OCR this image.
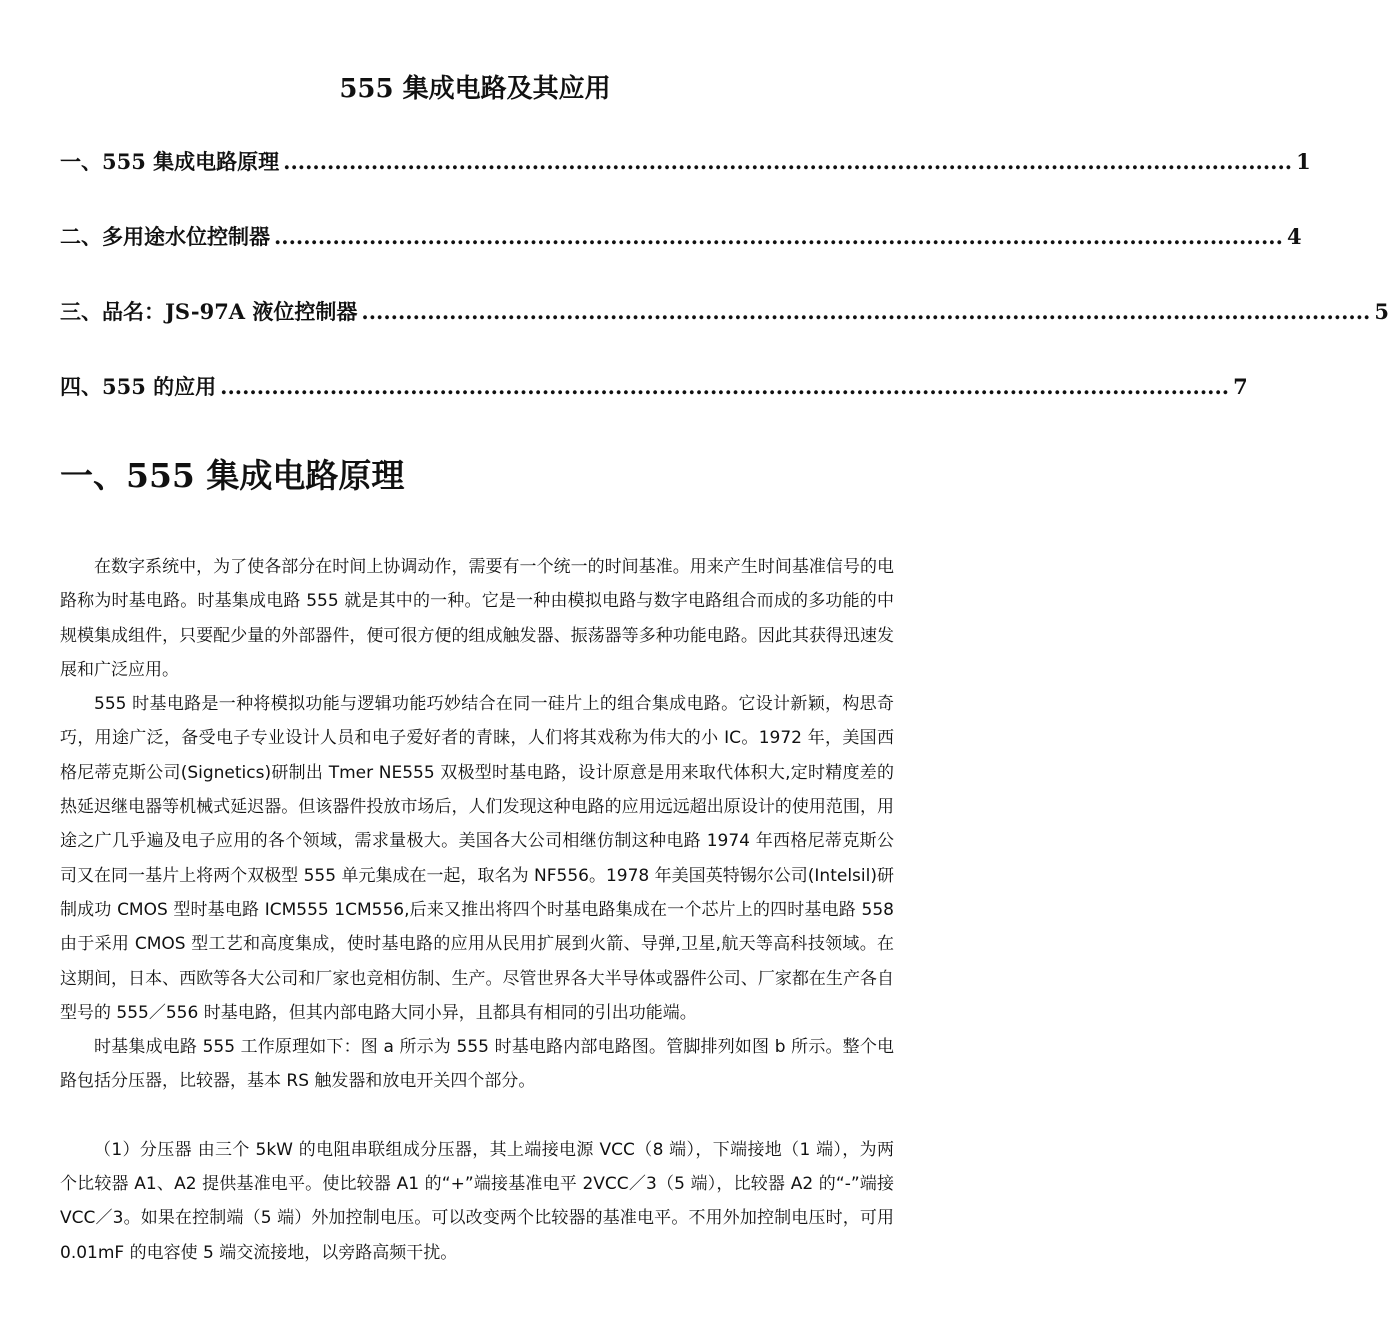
555 集成电路及其应用
一、555 集成电路原理 .......................................................................................................................................... 1
二、多用途水位控制器 .......................................................................................................................................... 4
三、品名：JS-97A 液位控制器 .......................................................................................................................................... 5
四、555 的应用 .......................................................................................................................................... 7
一、555 集成电路原理

在数字系统中，为了使各部分在时间上协调动作，需要有一个统一的时间基准。用来产生时间基准信号的电路称为时基电路。时基集成电路 555 就是其中的一种。它是一种由模拟电路与数字电路组合而成的多功能的中规模集成组件，只要配少量的外部器件，便可很方便的组成触发器、振荡器等多种功能电路。因此其获得迅速发展和广泛应用。

555 时基电路是一种将模拟功能与逻辑功能巧妙结合在同一硅片上的组合集成电路。它设计新颖，构思奇巧，用途广泛，备受电子专业设计人员和电子爱好者的青睐，人们将其戏称为伟大的小 IC。1972 年，美国西格尼蒂克斯公司(Signetics)研制出 Tmer NE555 双极型时基电路，设计原意是用来取代体积大,定时精度差的热延迟继电器等机械式延迟器。但该器件投放市场后，人们发现这种电路的应用远远超出原设计的使用范围，用途之广几乎遍及电子应用的各个领域，需求量极大。美国各大公司相继仿制这种电路 1974 年西格尼蒂克斯公司又在同一基片上将两个双极型 555 单元集成在一起，取名为 NF556。1978 年美国英特锡尔公司(Intelsil)研制成功 CMOS 型时基电路 ICM555 1CM556,后来又推出将四个时基电路集成在一个芯片上的四时基电路 558 由于采用 CMOS 型工艺和高度集成，使时基电路的应用从民用扩展到火箭、导弹,卫星,航天等高科技领域。在这期间，日本、西欧等各大公司和厂家也竞相仿制、生产。尽管世界各大半导体或器件公司、厂家都在生产各自型号的 555／556 时基电路，但其内部电路大同小异，且都具有相同的引出功能端。

时基集成电路 555 工作原理如下：图 a 所示为 555 时基电路内部电路图。管脚排列如图 b 所示。整个电路包括分压器，比较器，基本 RS 触发器和放电开关四个部分。

（1）分压器 由三个 5kW 的电阻串联组成分压器，其上端接电源 VCC（8 端），下端接地（1 端），为两个比较器 A1、A2 提供基准电平。使比较器 A1 的“+”端接基准电平 2VCC／3（5 端），比较器 A2 的“-”端接 VCC／3。如果在控制端（5 端）外加控制电压。可以改变两个比较器的基准电平。不用外加控制电压时，可用 0.01mF 的电容使 5 端交流接地，以旁路高频干扰。
